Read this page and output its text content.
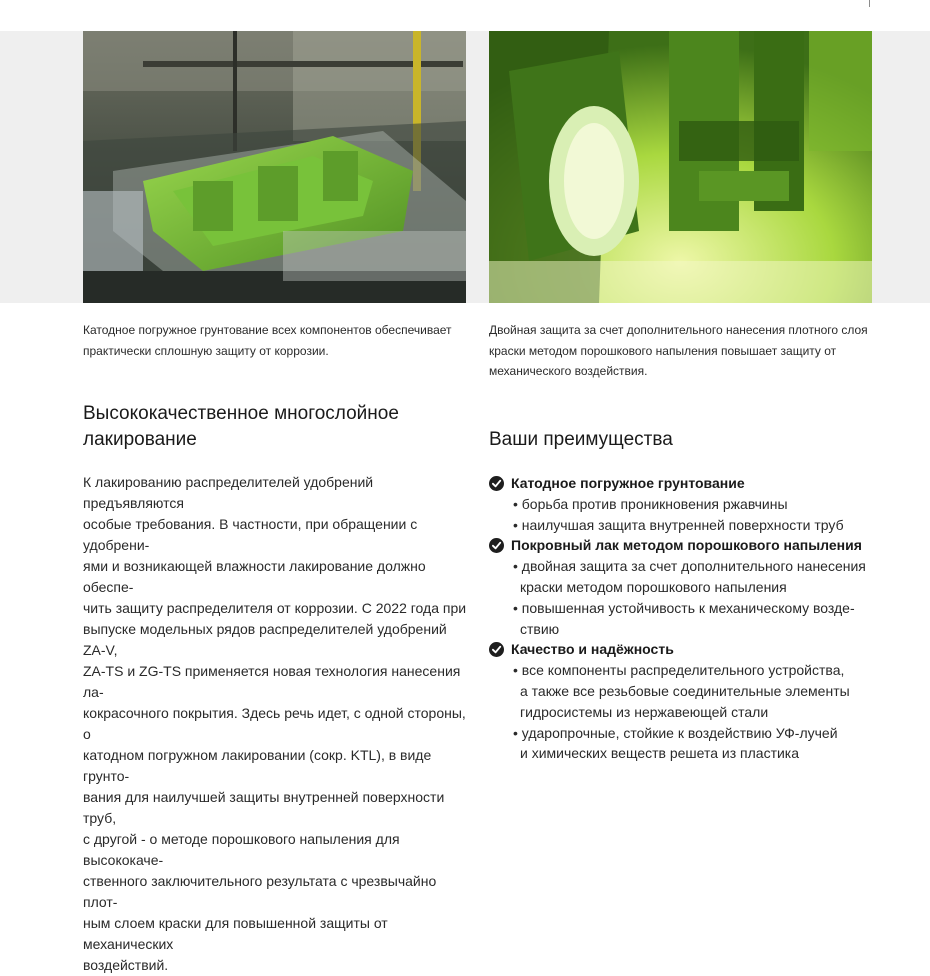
Катодное погружное грунтование всех компонентов обеспечивает практически сплошную защиту от коррозии.
Двойная защита за счет дополнительного нанесения плотного слоя краски методом порошкового напыления повышает защиту от механического воздействия.
Высококачественное многослойное
лакирование

К лакированию распределителей удобрений предъявляются
особые требования. В частности, при обращении с удобрени-
ями и возникающей влажности лакирование должно обеспе-
чить защиту распределителя от коррозии. С 2022 года при
выпуске модельных рядов распределителей удобрений ZA-V,
ZA-TS и ZG-TS применяется новая технология нанесения ла-
кокрасочного покрытия. Здесь речь идет, с одной стороны, о
катодном погружном лакировании (сокр. KTL), в виде грунто-
вания для наилучшей защиты внутренней поверхности труб,
с другой - о методе порошкового напыления для высококаче-
ственного заключительного результата с чрезвычайно плот-
ным слоем краски для повышенной защиты от механических
воздействий.

Ваши преимущества
Катодное погружное грунтование
• борьба против проникновения ржавчины
• наилучшая защита внутренней поверхности труб
Покровный лак методом порошкового напыления
• двойная защита за счет дополнительного нанесения
краски методом порошкового напыления
• повышенная устойчивость к механическому возде-
ствию
Качество и надёжность
• все компоненты распределительного устройства,
а также все резьбовые соединительные элементы
гидросистемы из нержавеющей стали
• ударопрочные, стойкие к воздействию УФ-лучей
и химических веществ решета из пластика
